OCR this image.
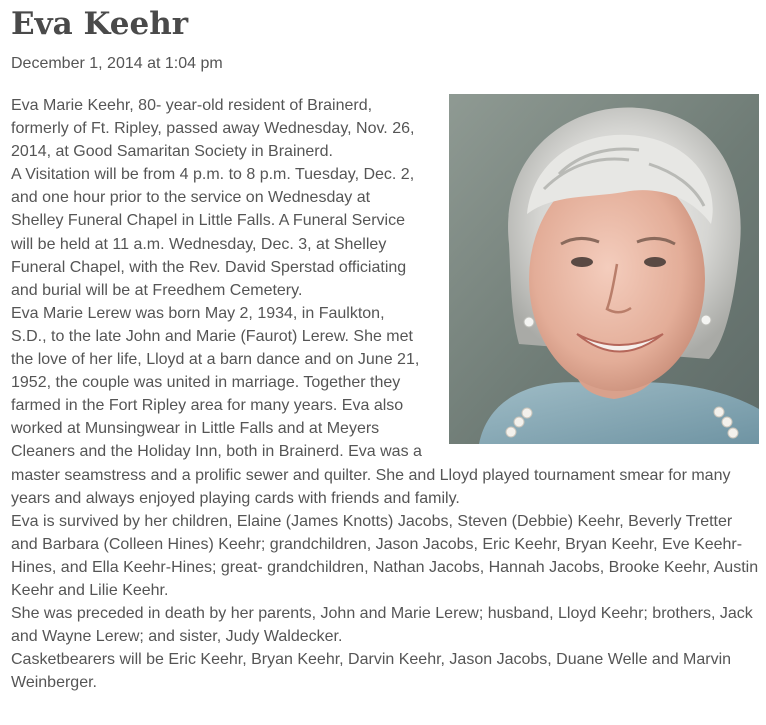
Eva Keehr
December 1, 2014 at 1:04 pm

Eva Marie Keehr, 80- year-old resident of Brainerd, formerly of Ft. Ripley, passed away Wednesday, Nov. 26, 2014, at Good Samaritan Society in Brainerd.

A Visitation will be from 4 p.m. to 8 p.m. Tuesday, Dec. 2, and one hour prior to the service on Wednesday at Shelley Funeral Chapel in Little Falls. A Funeral Service will be held at 11 a.m. Wednesday, Dec. 3, at Shelley Funeral Chapel, with the Rev. David Sperstad officiating and burial will be at Freedhem Cemetery.

Eva Marie Lerew was born May 2, 1934, in Faulkton, S.D., to the late John and Marie (Faurot) Lerew. She met the love of her life, Lloyd at a barn dance and on June 21, 1952, the couple was united in marriage. Together they farmed in the Fort Ripley area for many years. Eva also worked at Munsingwear in Little Falls and at Meyers Cleaners and the Holiday Inn, both in Brainerd. Eva was a master seamstress and a prolific sewer and quilter. She and Lloyd played tournament smear for many years and always enjoyed playing cards with friends and family.

Eva is survived by her children, Elaine (James Knotts) Jacobs, Steven (Debbie) Keehr, Beverly Tretter and Barbara (Colleen Hines) Keehr; grandchildren, Jason Jacobs, Eric Keehr, Bryan Keehr, Eve Keehr-Hines, and Ella Keehr-Hines; great- grandchildren, Nathan Jacobs, Hannah Jacobs, Brooke Keehr, Austin Keehr and Lilie Keehr.

She was preceded in death by her parents, John and Marie Lerew; husband, Lloyd Keehr; brothers, Jack and Wayne Lerew; and sister, Judy Waldecker.

Casketbearers will be Eric Keehr, Bryan Keehr, Darvin Keehr, Jason Jacobs, Duane Welle and Marvin Weinberger.
